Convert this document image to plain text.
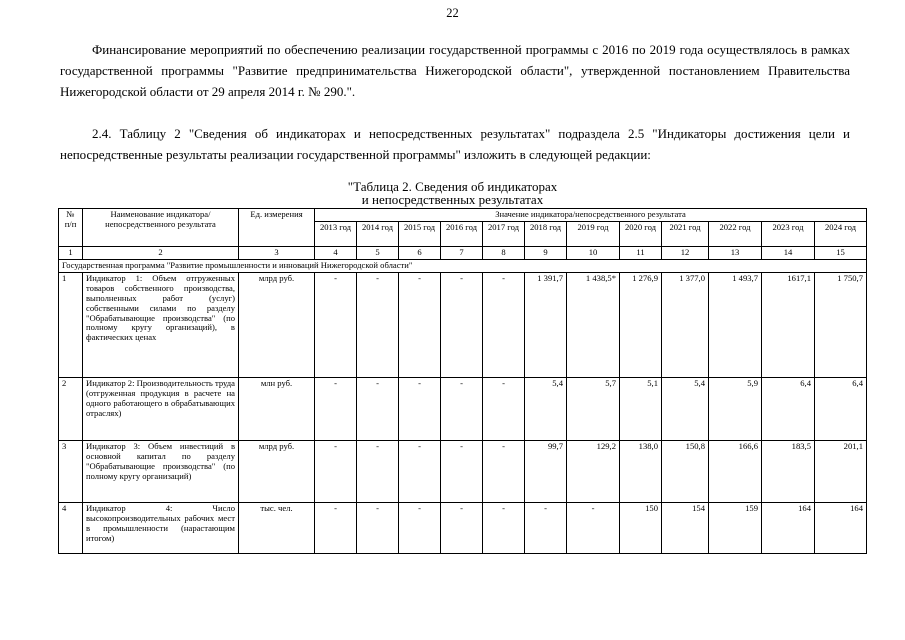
22

Финансирование мероприятий по обеспечению реализации государственной программы с 2016 по 2019 года осуществлялось в рамках государственной программы "Развитие предпринимательства Нижегородской области", утвержденной постановлением Правительства Нижегородской области от 29 апреля 2014 г. № 290.".

2.4. Таблицу 2 "Сведения об индикаторах и непосредственных результатах" подраздела 2.5 "Индикаторы достижения цели и непосредственные результаты реализации государственной программы" изложить в следующей редакции:

"Таблица 2. Сведения об индикаторах
и непосредственных результатах
№ п/п	Наименование индикатора/непосредственного результата	Ед. измерения	Значение индикатора/непосредственного результата											
			2013 год	2014 год	2015 год	2016 год	2017 год	2018 год	2019 год	2020 год	2021 год	2022 год	2023 год	2024 год
1	2	3	4	5	6	7	8	9	10	11	12	13	14	15
Государственная программа "Развитие промышленности и инноваций Нижегородской области"														
1	Индикатор 1: Объем отгруженных товаров собственного производства, выполненных работ (услуг) собственными силами по разделу "Обрабатывающие производства" (по полному кругу организаций), в фактических ценах	млрд руб.	-	-	-	-	-	1 391,7	1 438,5*	1 276,9	1 377,0	1 493,7	1617,1	1 750,7
2	Индикатор 2: Производительность труда (отгруженная продукция в расчете на одного работающего в обрабатывающих отраслях)	млн руб.	-	-	-	-	-	5,4	5,7	5,1	5,4	5,9	6,4	6,4
3	Индикатор 3: Объем инвестиций в основной капитал по разделу "Обрабатывающие производства" (по полному кругу организаций)	млрд руб.	-	-	-	-	-	99,7	129,2	138,0	150,8	166,6	183,5	201,1
4	Индикатор 4: Число высокопроизводительных рабочих мест в промышленности (нарастающим итогом)	тыс. чел.	-	-	-	-	-	-	-	150	154	159	164	164
